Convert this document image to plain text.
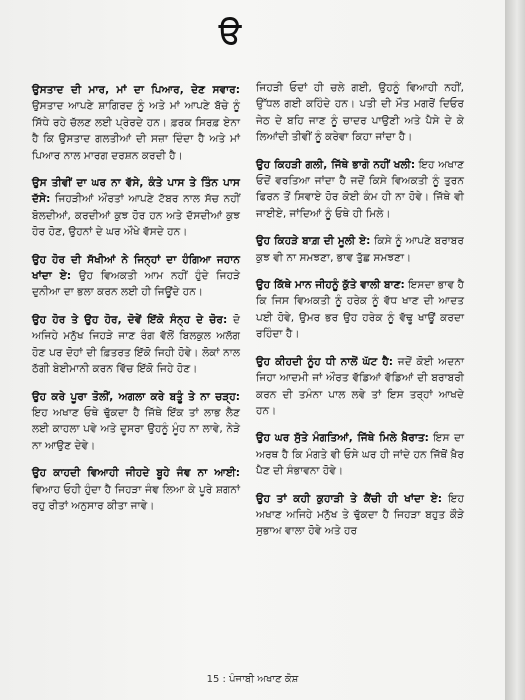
ੳ

ਉਸਤਾਦ ਦੀ ਮਾਰ, ਮਾਂ ਦਾ ਪਿਆਰ, ਦੇਣ ਸਵਾਰ: ਉਸਤਾਦ ਆਪਣੇ ਸ਼ਾਗਿਰਦ ਨੂੰ ਅਤੇ ਮਾਂ ਆਪਣੇ ਬੱਚੇ ਨੂੰ ਸਿੱਧੇ ਰਹੇ ਚੱਲਣ ਲਈ ਪ੍ਰੇਰਦੇ ਹਨ। ਫ਼ਰਕ ਸਿਰਫ਼ ਏਨਾ ਹੈ ਕਿ ਉਸਤਾਦ ਗਲਤੀਆਂ ਦੀ ਸਜ਼ਾ ਦਿੰਦਾ ਹੈ ਅਤੇ ਮਾਂ ਪਿਆਰ ਨਾਲ ਮਾਰਗ ਦਰਸ਼ਨ ਕਰਦੀ ਹੈ।

ਉਸ ਤੀਵੀਂ ਦਾ ਘਰ ਨਾ ਵੱਸੇ, ਕੰਤੇ ਪਾਸ ਤੇ ਤਿੰਨ ਪਾਸ ਦੱਸੇ: ਜਿਹੜੀਆਂ ਔਰਤਾਂ ਆਪਣੇ ਟੱਬਰ ਨਾਲ ਸੱਚ ਨਹੀਂ ਬੋਲਦੀਆਂ, ਕਰਦੀਆਂ ਕੁਝ ਹੋਰ ਹਨ ਅਤੇ ਦੱਸਦੀਆਂ ਕੁਝ ਹੋਰ ਹੋਣ, ਉਹਨਾਂ ਦੇ ਘਰ ਔਖੇ ਵੱਸਦੇ ਹਨ।

ਉਹ ਹੋਰ ਦੀ ਸੱਖੀਆਂ ਨੇ ਜਿਨ੍ਹਾਂ ਦਾ ਹੰਗਿਆ ਜਹਾਨ ਖਾਂਦਾ ਏ: ਉਹ ਵਿਅਕਤੀ ਆਮ ਨਹੀਂ ਹੁੰਦੇ ਜਿਹੜੇ ਦੁਨੀਆ ਦਾ ਭਲਾ ਕਰਨ ਲਈ ਹੀ ਜਿਊਂਦੇ ਹਨ।

ਉਹ ਹੋਰ ਤੇ ਉਹ ਹੋਰ, ਦੋਵੇਂ ਇੱਕੋ ਸੰਨ੍ਹ ਦੇ ਚੋਰ: ਦੋ ਅਜਿਹੇ ਮਨੁੱਖ ਜਿਹੜੇ ਜਾਣ ਰੰਗ ਵੱਲੋਂ ਬਿਲਕੁਲ ਅਲੱਗ ਹੋਣ ਪਰ ਦੋਹਾਂ ਦੀ ਫ਼ਿਤਰਤ ਇੱਕੋ ਜਿਹੀ ਹੋਵੇ। ਲੋਕਾਂ ਨਾਲ ਠੱਗੀ ਬੇਈਮਾਨੀ ਕਰਨ ਵਿੱਚ ਇੱਕੋ ਜਿਹੇ ਹੋਣ।

ਉਹ ਕਰੇ ਪੂਰਾ ਤੋਲੀਂ, ਅਗਲਾ ਕਰੇ ਬਤੂੰ ਤੇ ਨਾ ਚੜ੍ਹ: ਇਹ ਅਖਾਣ ਓਥੇ ਢੁੱਕਦਾ ਹੈ ਜਿੱਥੇ ਇੱਕ ਤਾਂ ਲਾਭ ਲੈਣ ਲਈ ਕਾਹਲਾ ਪਵੇ ਅਤੇ ਦੂਸਰਾ ਉਹਨੂੰ ਮੂੰਹ ਨਾ ਲਾਵੇ, ਨੇੜੇ ਨਾ ਆਉਣ ਦੇਵੇ।

ਉਹ ਕਾਹਦੀ ਵਿਆਹੀ ਜੀਹਦੇ ਬੂਹੇ ਜੰਞ ਨਾ ਆਈ: ਵਿਆਹ ਓਹੀ ਹੁੰਦਾ ਹੈ ਜਿਹੜਾ ਜੰਞ ਲਿਆ ਕੇ ਪੂਰੇ ਸ਼ਗਨਾਂ ਰਹੁ ਰੀਤਾਂ ਅਨੁਸਾਰ ਕੀਤਾ ਜਾਵੇ।

ਜਿਹੜੀ ਓਦਾਂ ਹੀ ਚਲੇ ਗਈ, ਉਹਨੂੰ ਵਿਆਹੀ ਨਹੀਂ, ਉੱਧਲ ਗਈ ਕਹਿੰਦੇ ਹਨ। ਪਤੀ ਦੀ ਮੌਤ ਮਗਰੋਂ ਦਿਓਰ ਜੇਠ ਦੇ ਬਹਿ ਜਾਣ ਨੂੰ ਚਾਦਰ ਪਾਉਣੀ ਅਤੇ ਪੈਸੇ ਦੇ ਕੇ ਲਿਆਂਦੀ ਤੀਵੀਂ ਨੂੰ ਕਰੇਵਾ ਕਿਹਾ ਜਾਂਦਾ ਹੈ।

ਉਹ ਕਿਹੜੀ ਗਲੀ, ਜਿੱਥੇ ਭਾਗੋ ਨਹੀਂ ਖਲੀ: ਇਹ ਅਖਾਣ ਓਦੋਂ ਵਰਤਿਆ ਜਾਂਦਾ ਹੈ ਜਦੋਂ ਕਿਸੇ ਵਿਅਕਤੀ ਨੂੰ ਤੁਰਨ ਫਿਰਨ ਤੋਂ ਸਿਵਾਏ ਹੋਰ ਕੋਈ ਕੰਮ ਹੀ ਨਾ ਹੋਵੇ। ਜਿੱਥੇ ਵੀ ਜਾਈਏ, ਜਾਂਦਿਆਂ ਨੂੰ ਓਥੇ ਹੀ ਮਿਲੇ।

ਉਹ ਕਿਹੜੇ ਬਾਗ਼ ਦੀ ਮੂਲੀ ਏ: ਕਿਸੇ ਨੂੰ ਆਪਣੇ ਬਰਾਬਰ ਕੁਝ ਵੀ ਨਾ ਸਮਝਣਾ, ਭਾਵ ਤੁੱਛ ਸਮਝਣਾ।

ਉਹ ਕਿੱਥੇ ਮਾਨ ਜੀਹਨੂੰ ਕੁੱਤੇ ਵਾਲੀ ਬਾਣ: ਇਸਦਾ ਭਾਵ ਹੈ ਕਿ ਜਿਸ ਵਿਅਕਤੀ ਨੂੰ ਹਰੇਕ ਨੂੰ ਵੱਧ ਖਾਣ ਦੀ ਆਦਤ ਪਈ ਹੋਵੇ, ਉਮਰ ਭਰ ਉਹ ਹਰੇਕ ਨੂੰ ਵੱਢੂ ਖਾਊਂ ਕਰਦਾ ਰਹਿੰਦਾ ਹੈ।

ਉਹ ਕੀਹਦੀ ਨੂੰਹ ਧੀ ਨਾਲੋਂ ਘੱਟ ਹੈ: ਜਦੋਂ ਕੋਈ ਅਦਨਾ ਜਿਹਾ ਆਦਮੀ ਜਾਂ ਔਰਤ ਵੱਡਿਆਂ ਵੱਡਿਆਂ ਦੀ ਬਰਾਬਰੀ ਕਰਨ ਦੀ ਤਮੰਨਾ ਪਾਲ ਲਵੇ ਤਾਂ ਇਸ ਤਰ੍ਹਾਂ ਆਖਦੇ ਹਨ।

ਉਹ ਘਰ ਸੁੱਤੇ ਮੰਗਤਿਆਂ, ਜਿੱਥੇ ਮਿਲੇ ਖ਼ੈਰਾਤ: ਇਸ ਦਾ ਅਰਥ ਹੈ ਕਿ ਮੰਗਤੇ ਵੀ ਓਸੇ ਘਰ ਹੀ ਜਾਂਦੇ ਹਨ ਜਿੱਥੋਂ ਖ਼ੈਰ ਪੈਣ ਦੀ ਸੰਭਾਵਨਾ ਹੋਵੇ।

ਉਹ ਤਾਂ ਕਹੀ ਕੁਹਾੜੀ ਤੇ ਕੈਂਚੀ ਹੀ ਖਾਂਦਾ ਏ: ਇਹ ਅਖਾਣ ਅਜਿਹੇ ਮਨੁੱਖ ਤੇ ਢੁੱਕਦਾ ਹੈ ਜਿਹੜਾ ਬਹੁਤ ਕੌੜੇ ਸੁਭਾਅ ਵਾਲਾ ਹੋਵੇ ਅਤੇ ਹਰ

15 : ਪੰਜਾਬੀ ਅਖਾਣ ਕੋਸ਼
